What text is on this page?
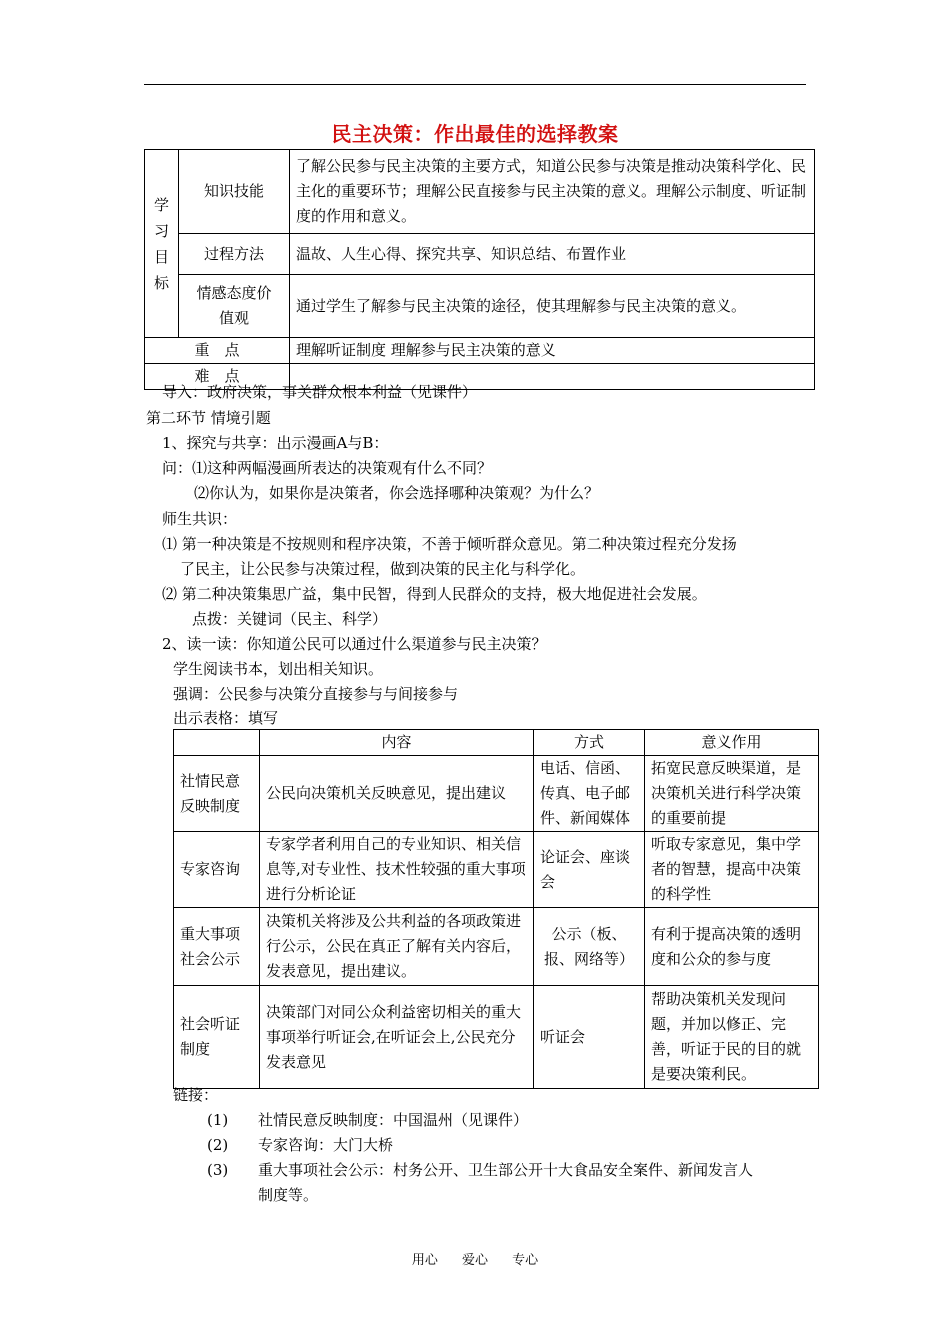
民主决策：作出最佳的选择教案
学
习
目
标	知识技能	了解公民参与民主决策的主要方式，知道公民参与决策是推动决策科学化、民主化的重要环节；理解公民直接参与民主决策的意义。理解公示制度、听证制度的作用和意义。
	过程方法	温故、人生心得、探究共享、知识总结、布置作业
	情感态度价值观	通过学生了解参与民主决策的途径，使其理解参与民主决策的意义。
重　点		理解听证制度 理解参与民主决策的意义
难　点		
导入：政府决策，事关群众根本利益（见课件）
第二环节 情境引题
1、探究与共享：出示漫画A与B：
问：⑴这种两幅漫画所表达的决策观有什么不同？
⑵你认为，如果你是决策者，你会选择哪种决策观？为什么？
师生共识：
⑴ 第一种决策是不按规则和程序决策，不善于倾听群众意见。第二种决策过程充分发扬
了民主，让公民参与决策过程，做到决策的民主化与科学化。
⑵ 第二种决策集思广益，集中民智，得到人民群众的支持，极大地促进社会发展。
点拨：关键词（民主、科学）
2、读一读：你知道公民可以通过什么渠道参与民主决策？
学生阅读书本，划出相关知识。
强调：公民参与决策分直接参与与间接参与
出示表格：填写
	内容	方式	意义作用
社情民意反映制度	公民向决策机关反映意见，提出建议	电话、信函、传真、电子邮件、新闻媒体	拓宽民意反映渠道，是决策机关进行科学决策的重要前提
专家咨询	专家学者利用自己的专业知识、相关信息等,对专业性、技术性较强的重大事项进行分析论证	论证会、座谈会	听取专家意见，集中学者的智慧，提高中决策的科学性
重大事项社会公示	决策机关将涉及公共利益的各项政策进行公示，公民在真正了解有关内容后，发表意见，提出建议。	公示（板、报、网络等）	有利于提高决策的透明度和公众的参与度
社会听证制度	决策部门对同公众利益密切相关的重大事项举行听证会,在听证会上,公民充分发表意见	听证会	帮助决策机关发现问题，并加以修正、完善，听证于民的目的就是要决策利民。
链接：
(1) 社情民意反映制度：中国温州（见课件）
(2) 专家咨询：大门大桥
(3) 重大事项社会公示：村务公开、卫生部公开十大食品安全案件、新闻发言人
制度等。
用心 爱心 专心
